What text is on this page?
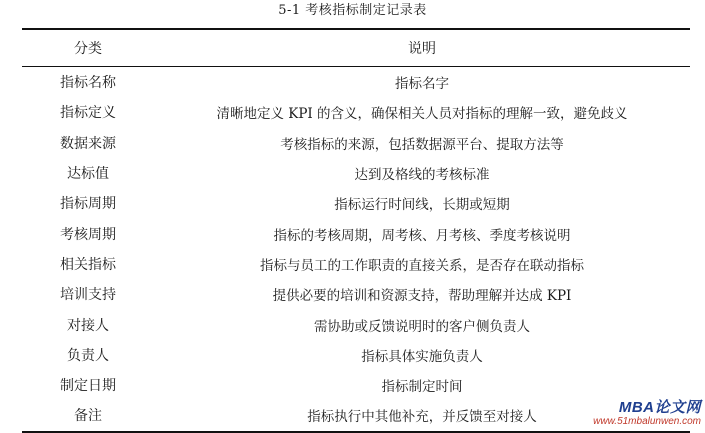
5-1 考核指标制定记录表
分类	说明
指标名称	指标名字
指标定义	清晰地定义 KPI 的含义，确保相关人员对指标的理解一致，避免歧义
数据来源	考核指标的来源，包括数据源平台、提取方法等
达标值	达到及格线的考核标准
指标周期	指标运行时间线，长期或短期
考核周期	指标的考核周期，周考核、月考核、季度考核说明
相关指标	指标与员工的工作职责的直接关系，是否存在联动指标
培训支持	提供必要的培训和资源支持，帮助理解并达成 KPI
对接人	需协助或反馈说明时的客户侧负责人
负责人	指标具体实施负责人
制定日期	指标制定时间
备注	指标执行中其他补充，并反馈至对接人
MBA论文网
www.51mbalunwen.com
